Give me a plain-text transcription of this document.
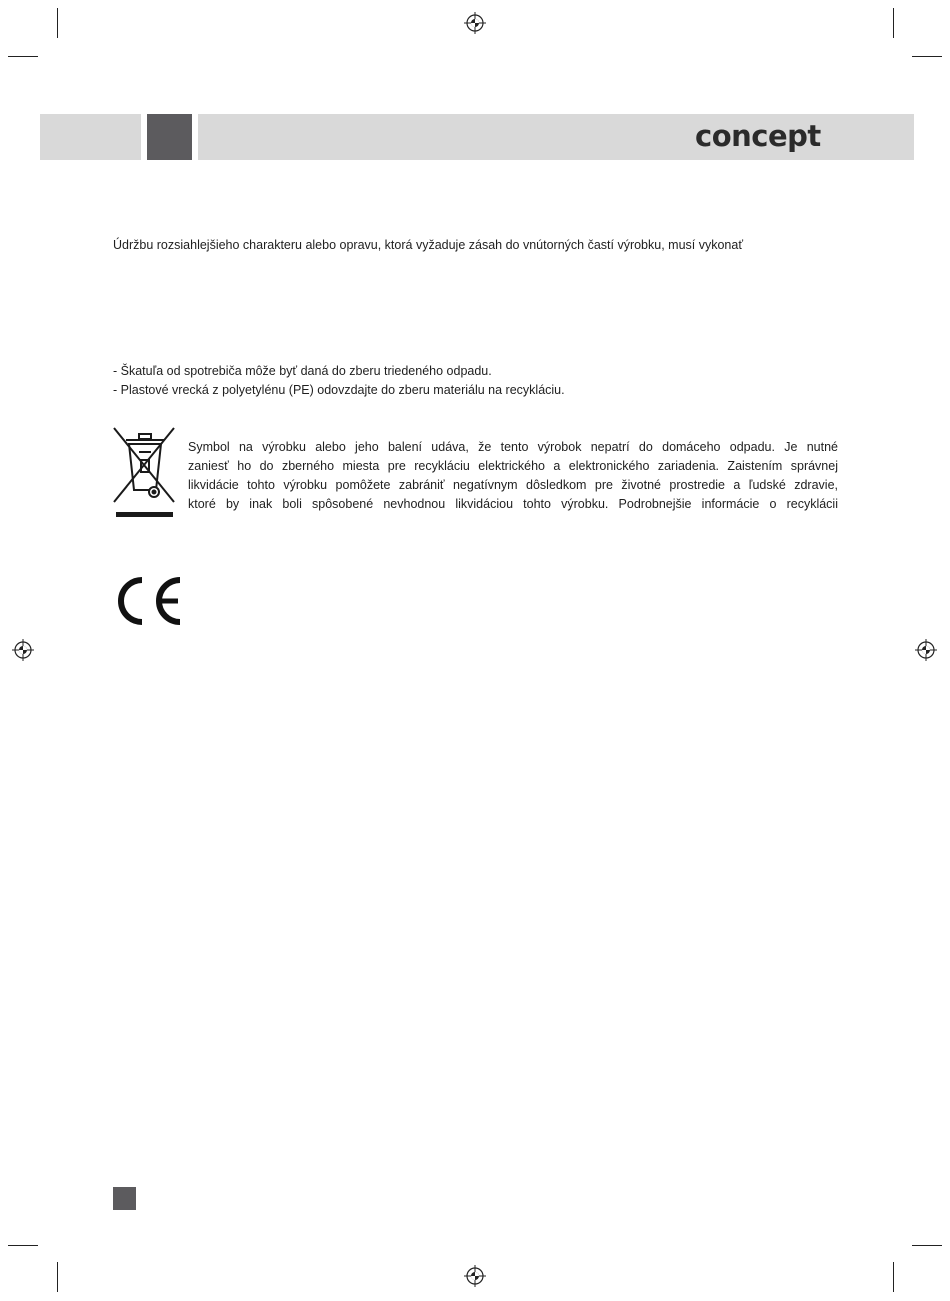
concept
Údržbu rozsiahlejšieho charakteru alebo opravu, ktorá vyžaduje zásah do vnútorných častí výrobku, musí vykonať
- Škatuľa od spotrebiča môže byť daná do zberu triedeného odpadu.
- Plastové vrecká z polyetylénu (PE) odovzdajte do zberu materiálu na recykláciu.
Symbol na výrobku alebo jeho balení udáva, že tento výrobok nepatrí do domáceho odpadu. Je nutné
zaniesť ho do zberného miesta pre recykláciu elektrického a elektronického zariadenia. Zaistením správnej
likvidácie tohto výrobku pomôžete zabrániť negatívnym dôsledkom pre životné prostredie a ľudské zdravie,
ktoré by inak boli spôsobené nevhodnou likvidáciou tohto výrobku. Podrobnejšie informácie o recyklácii
